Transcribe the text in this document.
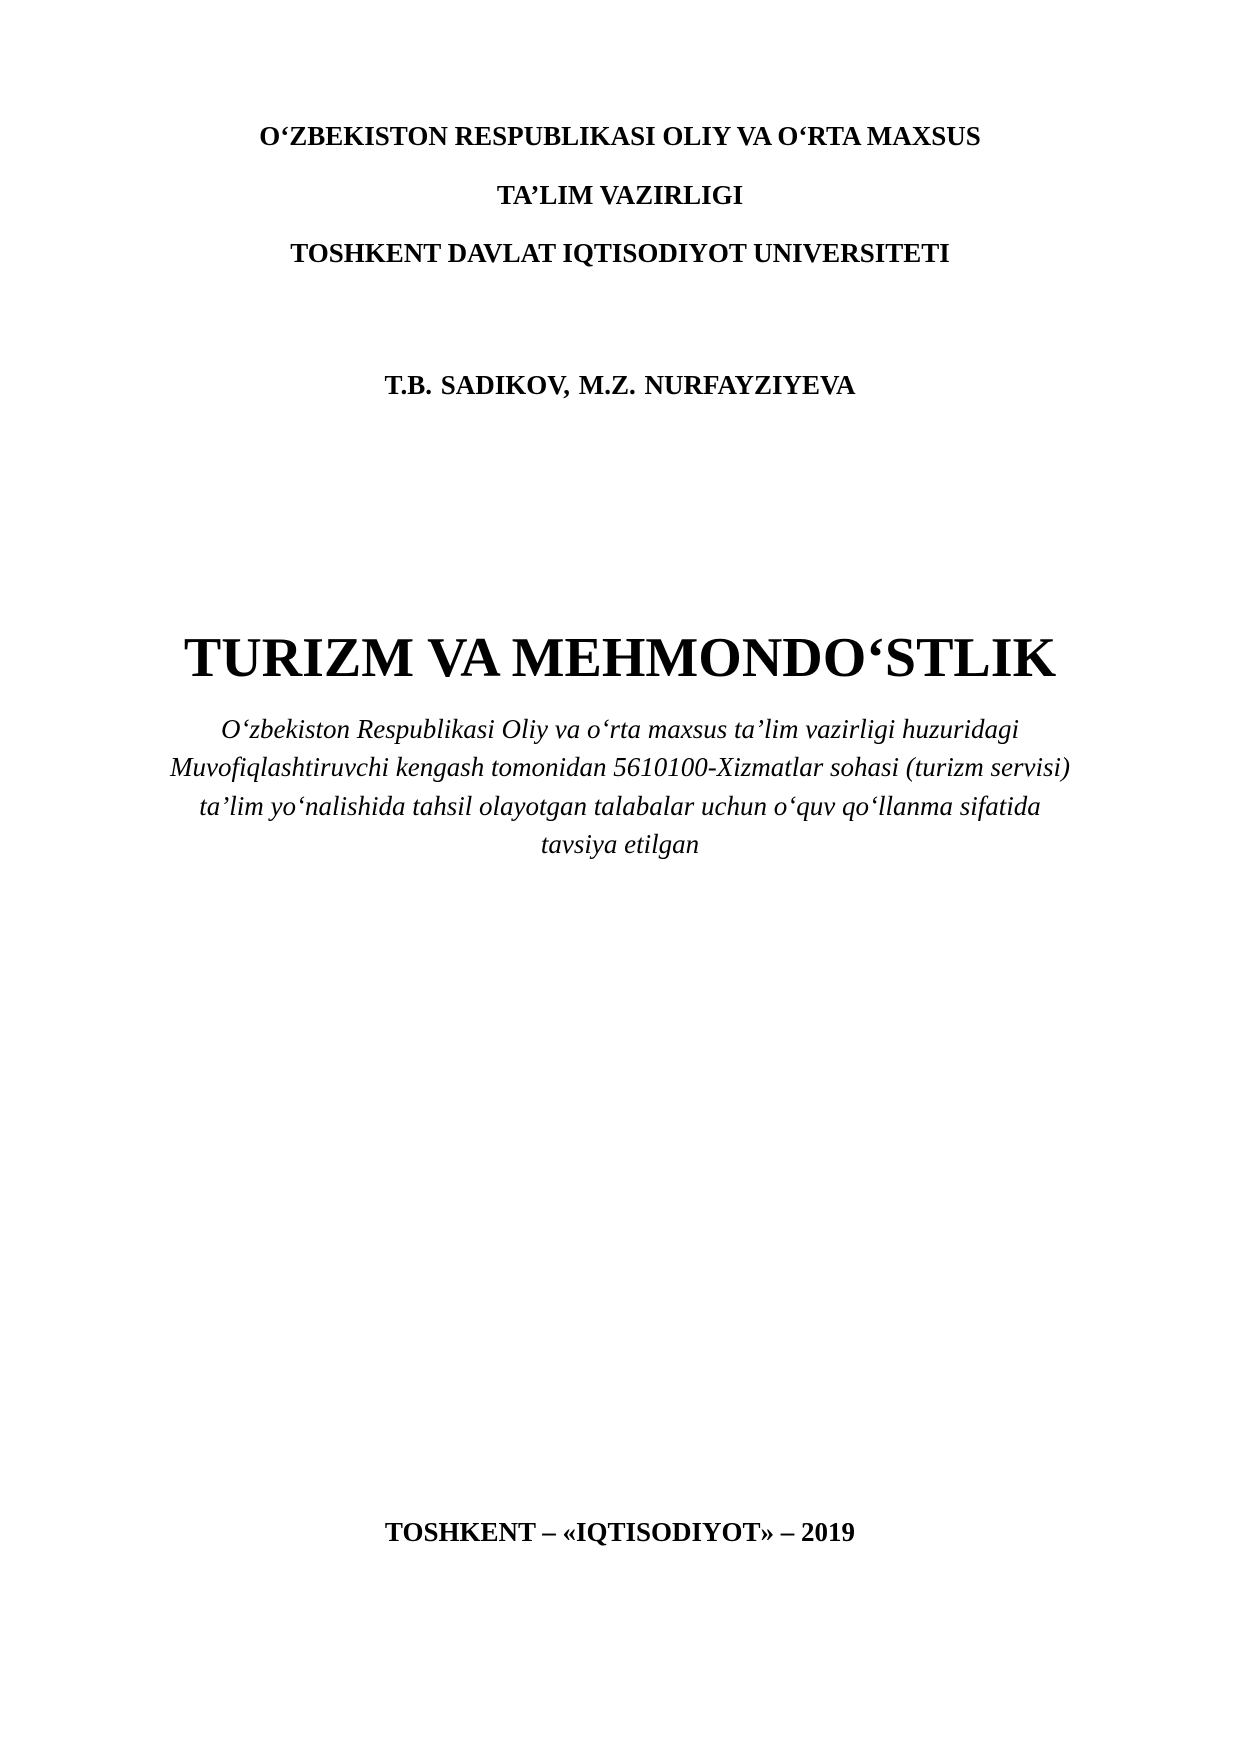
O‘ZBEKISTON RESPUBLIKASI OLIY VA O‘RTA MAXSUS

TA’LIM VAZIRLIGI

TOSHKENT DAVLAT IQTISODIYOT UNIVERSITETI

T.B. SADIKOV, M.Z. NURFAYZIYEVA

TURIZM VA MEHMONDO‘STLIK

O‘zbekiston Respublikasi Oliy va o‘rta maxsus ta’lim vazirligi huzuridagi

Muvofiqlashtiruvchi kengash tomonidan 5610100-Xizmatlar sohasi (turizm servisi)

ta’lim yo‘nalishida tahsil olayotgan talabalar uchun o‘quv qo‘llanma sifatida

tavsiya etilgan

TOSHKENT – «IQTISODIYOT» – 2019
